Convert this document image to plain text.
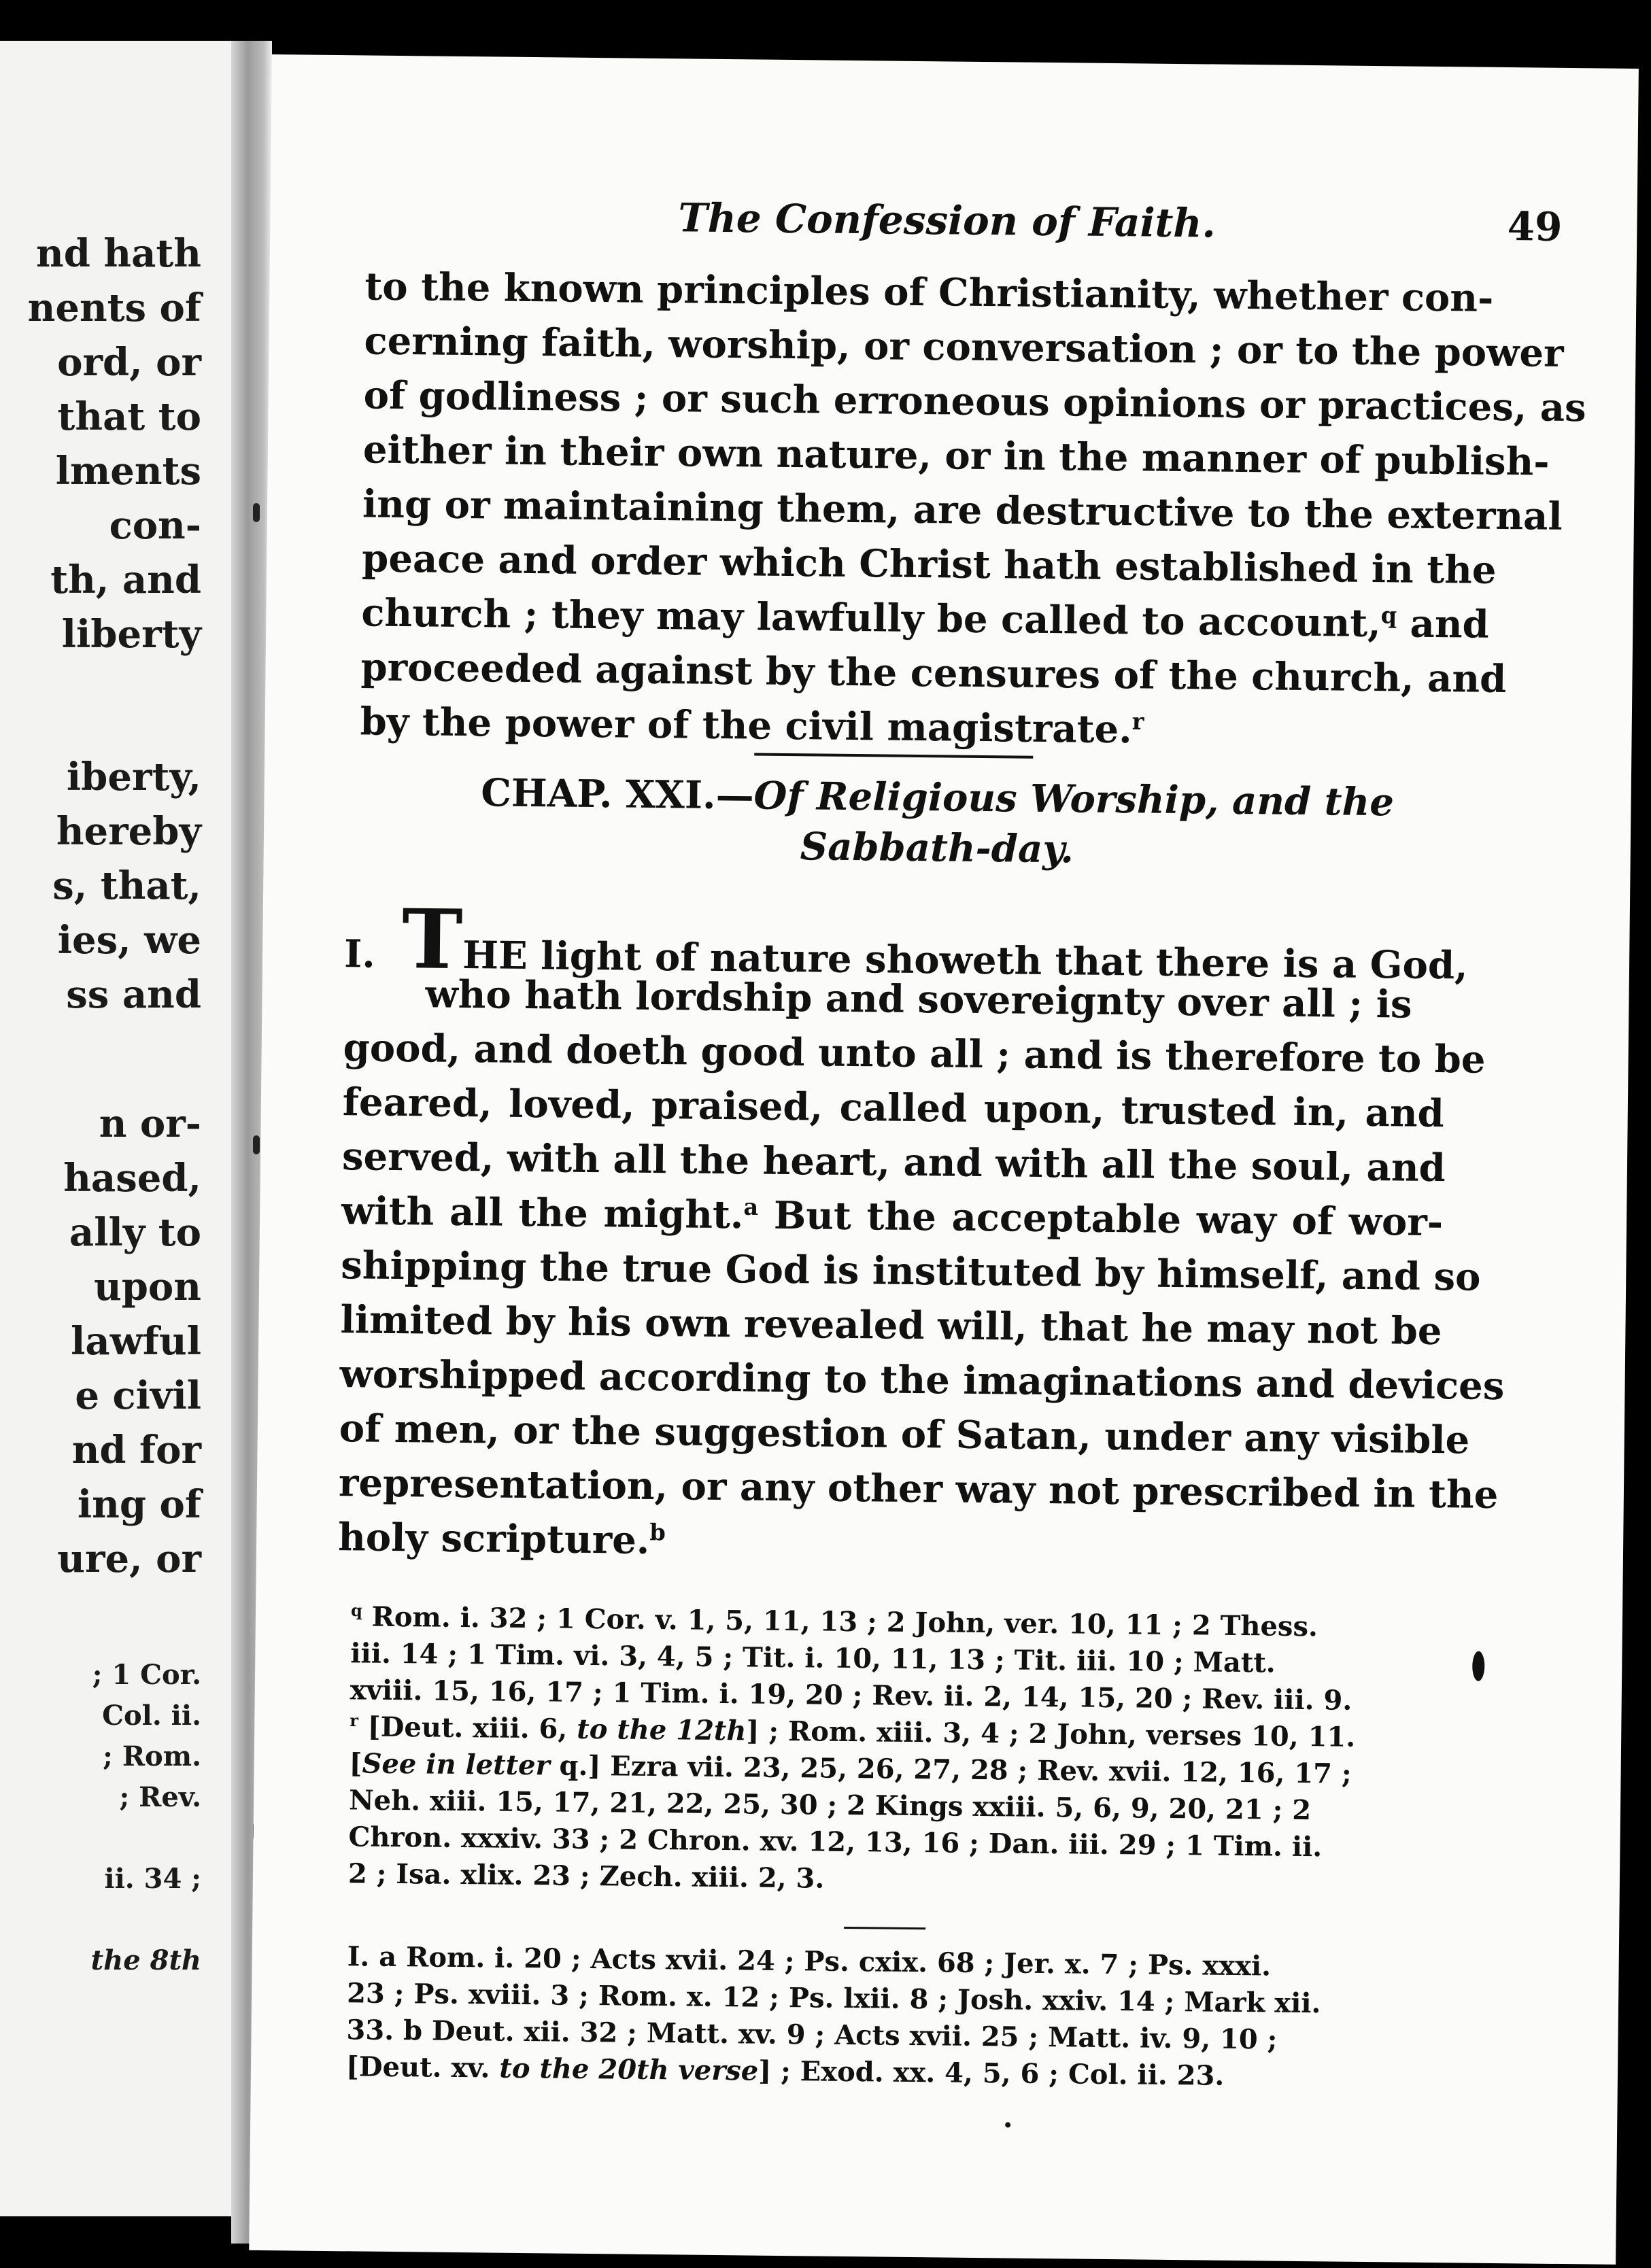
nd hath
nents of
ord, or
that to
lments
con-
th, and
liberty
iberty,
hereby
s, that,
ies, we
ss and
n or-
hased,
ally to
upon
lawful
e civil
nd for
ing of
ure, or
; 1 Cor.
Col. ii.
; Rom.
; Rev.
ii. 34 ;
the 8th
The Confession of Faith.	49
to the known principles of Christianity, whether con-
cerning faith, worship, or conversation ; or to the power
of godliness ; or such erroneous opinions or practices, as
either in their own nature, or in the manner of publish-
ing or maintaining them, are destructive to the external
peace and order which Christ hath established in the
church ; they may lawfully be called to account,$^q$ and
proceeded against by the censures of the church, and
by the power of the civil magistrate.$^r$
CHAP. XXI.—Of Religious Worship, and the
Sabbath-day.
I. THE light of nature showeth that there is a God,
who hath lordship and sovereignty over all ; is
good, and doeth good unto all ; and is therefore to be
feared, loved, praised, called upon, trusted in, and
served, with all the heart, and with all the soul, and
with all the might.$^a$ But the acceptable way of wor-
shipping the true God is instituted by himself, and so
limited by his own revealed will, that he may not be
worshipped according to the imaginations and devices
of men, or the suggestion of Satan, under any visible
representation, or any other way not prescribed in the
holy scripture.$^b$
$^q$ Rom. i. 32 ; 1 Cor. v. 1, 5, 11, 13 ; 2 John, ver. 10, 11 ; 2 Thess.
iii. 14 ; 1 Tim. vi. 3, 4, 5 ; Tit. i. 10, 11, 13 ; Tit. iii. 10 ; Matt.
xviii. 15, 16, 17 ; 1 Tim. i. 19, 20 ; Rev. ii. 2, 14, 15, 20 ; Rev. iii. 9.
$^r$ [Deut. xiii. 6, to the 12th] ; Rom. xiii. 3, 4 ; 2 John, verses 10, 11.
[See in letter q.] Ezra vii. 23, 25, 26, 27, 28 ; Rev. xvii. 12, 16, 17 ;
Neh. xiii. 15, 17, 21, 22, 25, 30 ; 2 Kings xxiii. 5, 6, 9, 20, 21 ; 2
Chron. xxxiv. 33 ; 2 Chron. xv. 12, 13, 16 ; Dan. iii. 29 ; 1 Tim. ii.
2 ; Isa. xlix. 23 ; Zech. xiii. 2, 3.
I. a Rom. i. 20 ; Acts xvii. 24 ; Ps. cxix. 68 ; Jer. x. 7 ; Ps. xxxi.
23 ; Ps. xviii. 3 ; Rom. x. 12 ; Ps. lxii. 8 ; Josh. xxiv. 14 ; Mark xii.
33. b Deut. xii. 32 ; Matt. xv. 9 ; Acts xvii. 25 ; Matt. iv. 9, 10 ;
[Deut. xv. to the 20th verse] ; Exod. xx. 4, 5, 6 ; Col. ii. 23.
